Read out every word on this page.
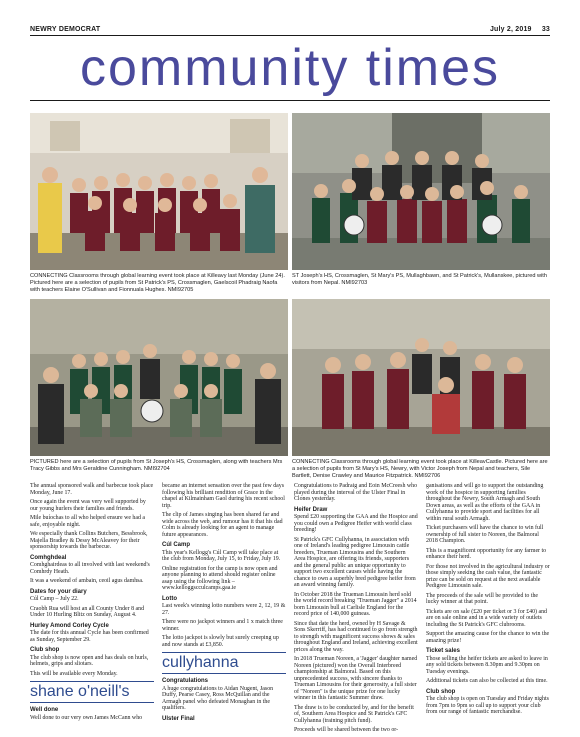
NEWRY DEMOCRAT	July 2, 2019 33
community times
CONNECTING Classrooms through global learning event took place at Killeavy last Monday (June 24). Pictured here are a selection of pupils from St Patrick's PS, Crossmaglen, Gaelscoil Phadraig Naofa with teachers Elaine O'Sullivan and Fionnuala Hughes. NMI92705
ST Joseph's HS, Crossmaglen, St Mary's PS, Mullaghbawn, and St Patrick's, Mullanskee, pictured with visitors from Nepal. NMI92703
PICTURED here are a selection of pupils from St Joseph's HS, Crossmaglen, along with teachers Mrs Tracy Gibbs and Mrs Geraldine Cunningham. NMI92704
CONNECTING Classrooms through global learning event took place at KilleavCastle. Pictured here are a selection of pupils from St Mary's HS, Newry, with Victor Joseph from Nepal and teachers, Sile Bartlett, Denise Crawley and Maurice Fitzpatrick. NMI92706

The annual sponsored walk and barbecue took place Monday, June 17.

Once again the event was very well supported by our young hurlers their families and friends.

Mile buíochas to all who helped ensure we had a safe, enjoyable night.

We especially thank Collins Butchers, Bessbrook, Majella Bradley & Dessy McAleavey for their sponsorship towards the barbecue.

Comhghdeal

Comhghairdeas to all involved with last weekend's Comhrdy Heath.

It was a weekend of ambain, ceoil agus damhsa.

Dates for your diary

Cúl Camp – July 22.

Craobh Rua will host an all County Under 8 and Under 10 Hurling Blitz on Sunday, August 4.

Hurley Amond Corley Cycle

The date for this annual Cycle has been confirmed as Sunday, September 29.

Club shop

The club shop is now open and has deals on hurls, helmets, grips and sliotars.

This will be available every Monday.

shane o'neill's
Well done

Well done to our very own James McCann who

became an internet sensation over the past few days following his brilliant rendition of Grace in the chapel at Kilmainham Gaol during his recent school trip.

The clip of James singing has been shared far and wide across the web, and rumour has it that his dad Colm is already looking for an agent to manage future appearances.

Cúl Camp

This year's Kellogg's Cúl Camp will take place at the club from Monday, July 15, to Friday, July 19.

Online registration for the camp is now open and anyone planning to attend should register online asap using the following link – www.kelloggscculcamps.gaa.ie

Lotto

Last week's winning lotto numbers were 2, 12, 19 & 27.

There were no jackpot winners and 1 x match three winner.

The lotto jackpot is slowly but surely creeping up and now stands at £3,850.

cullyhanna
Congratulations

A huge congratulations to Aidan Nugent, Jason Duffy, Pearse Casey, Ross McQuillan and the Armagh panel who defeated Monaghan in the qualifiers.

Ulster Final

Congratulations to Padraig and Eoin McCreesh who played during the interval of the Ulster Final in Clones yesterday.

Heifer Draw

Spend £20 supporting the GAA and the Hospice and you could own a Pedigree Heifer with world class breeding!

St Patrick's GFC Cullyhanna, in association with one of Ireland's leading pedigree Limousin cattle breeders, Trueman Limousins and the Southern Area Hospice, are offering its friends, supporters and the general public an unique opportunity to support two excellent causes while having the chance to own a superbly bred pedigree heifer from an award winning family.

In October 2018 the Trueman Limousin herd sold the world record breaking "Trueman Jagger" a 2014 born Limousin bull at Carlisle England for the record price of 140,000 guineas.

Since that date the herd, owned by H Savage & Sons Skerriff, has had continued to go from strength to strength with magnificent success shows & sales throughout England and Ireland, achieving excellent prices along the way.

In 2018 Trueman Noreen, a 'Jagger' daughter named Noreen (pictured) won the Overall Interbreed championship at Balmoral. Based on this unprecedented success, with sincere thanks to Trueman Limousins for their generosity, a full sister of "Noreen" is the unique prize for one lucky winner in this fantastic Summer draw.

The draw is to be conducted by, and for the benefit of, Southern Area Hospice and St Patrick's GFC Cullyhanna (training pitch fund).

Proceeds will be shared between the two or-

ganisations and will go to support the outstanding work of the hospice in supporting families throughout the Newry, South Armagh and South Down areas, as well as the efforts of the GAA in Cullyhanna to provide sport and facilities for all within rural south Armagh.

Ticket purchasers will have the chance to win full ownership of full sister to Noreen, the Balmoral 2018 Champion.

This is a magnificent opportunity for any farmer to enhance their herd.

For those not involved in the agricultural industry or those simply seeking the cash value, the fantastic prize can be sold on request at the next available Pedigree Limousin sale.

The proceeds of the sale will be provided to the lucky winner at that point.

Tickets are on sale (£20 per ticket or 3 for £40) and are on sale online and in a wide variety of outlets including the St Patrick's GFC clubrooms.

Support the amazing cause for the chance to win the amazing prize!

Ticket sales

Those selling the heifer tickets are asked to leave in any sold tickets between 8.30pm and 9.30pm on Tuesday evenings.

Additional tickets can also be collected at this time.

Club shop

The club shop is open on Tuesday and Friday nights from 7pm to 9pm so call up to support your club from our range of fantastic merchandise.
